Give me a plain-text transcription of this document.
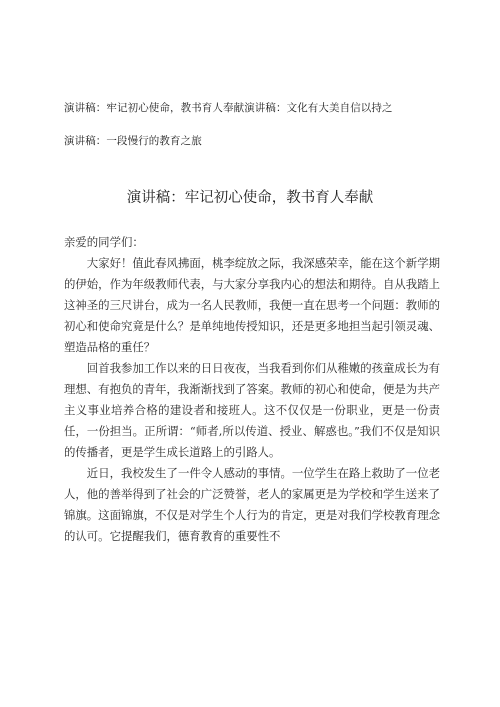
演讲稿：牢记初心使命，教书育人奉献演讲稿：文化有大美自信以持之
演讲稿：一段慢行的教育之旅
演讲稿：牢记初心使命，教书育人奉献

亲爱的同学们：

大家好！值此春风拂面，桃李绽放之际，我深感荣幸，能在这个新学期的伊始，作为年级教师代表，与大家分享我内心的想法和期待。自从我踏上这神圣的三尺讲台，成为一名人民教师，我便一直在思考一个问题：教师的初心和使命究竟是什么？是单纯地传授知识，还是更多地担当起引领灵魂、塑造品格的重任？

回首我参加工作以来的日日夜夜，当我看到你们从稚嫩的孩童成长为有理想、有抱负的青年，我渐渐找到了答案。教师的初心和使命，便是为共产主义事业培养合格的建设者和接班人。这不仅仅是一份职业，更是一份责任，一份担当。正所谓：“师者,所以传道、授业、解惑也。”我们不仅是知识的传播者，更是学生成长道路上的引路人。

近日，我校发生了一件令人感动的事情。一位学生在路上救助了一位老人，他的善举得到了社会的广泛赞誉，老人的家属更是为学校和学生送来了锦旗。这面锦旗，不仅是对学生个人行为的肯定，更是对我们学校教育理念的认可。它提醒我们，德育教育的重要性不
